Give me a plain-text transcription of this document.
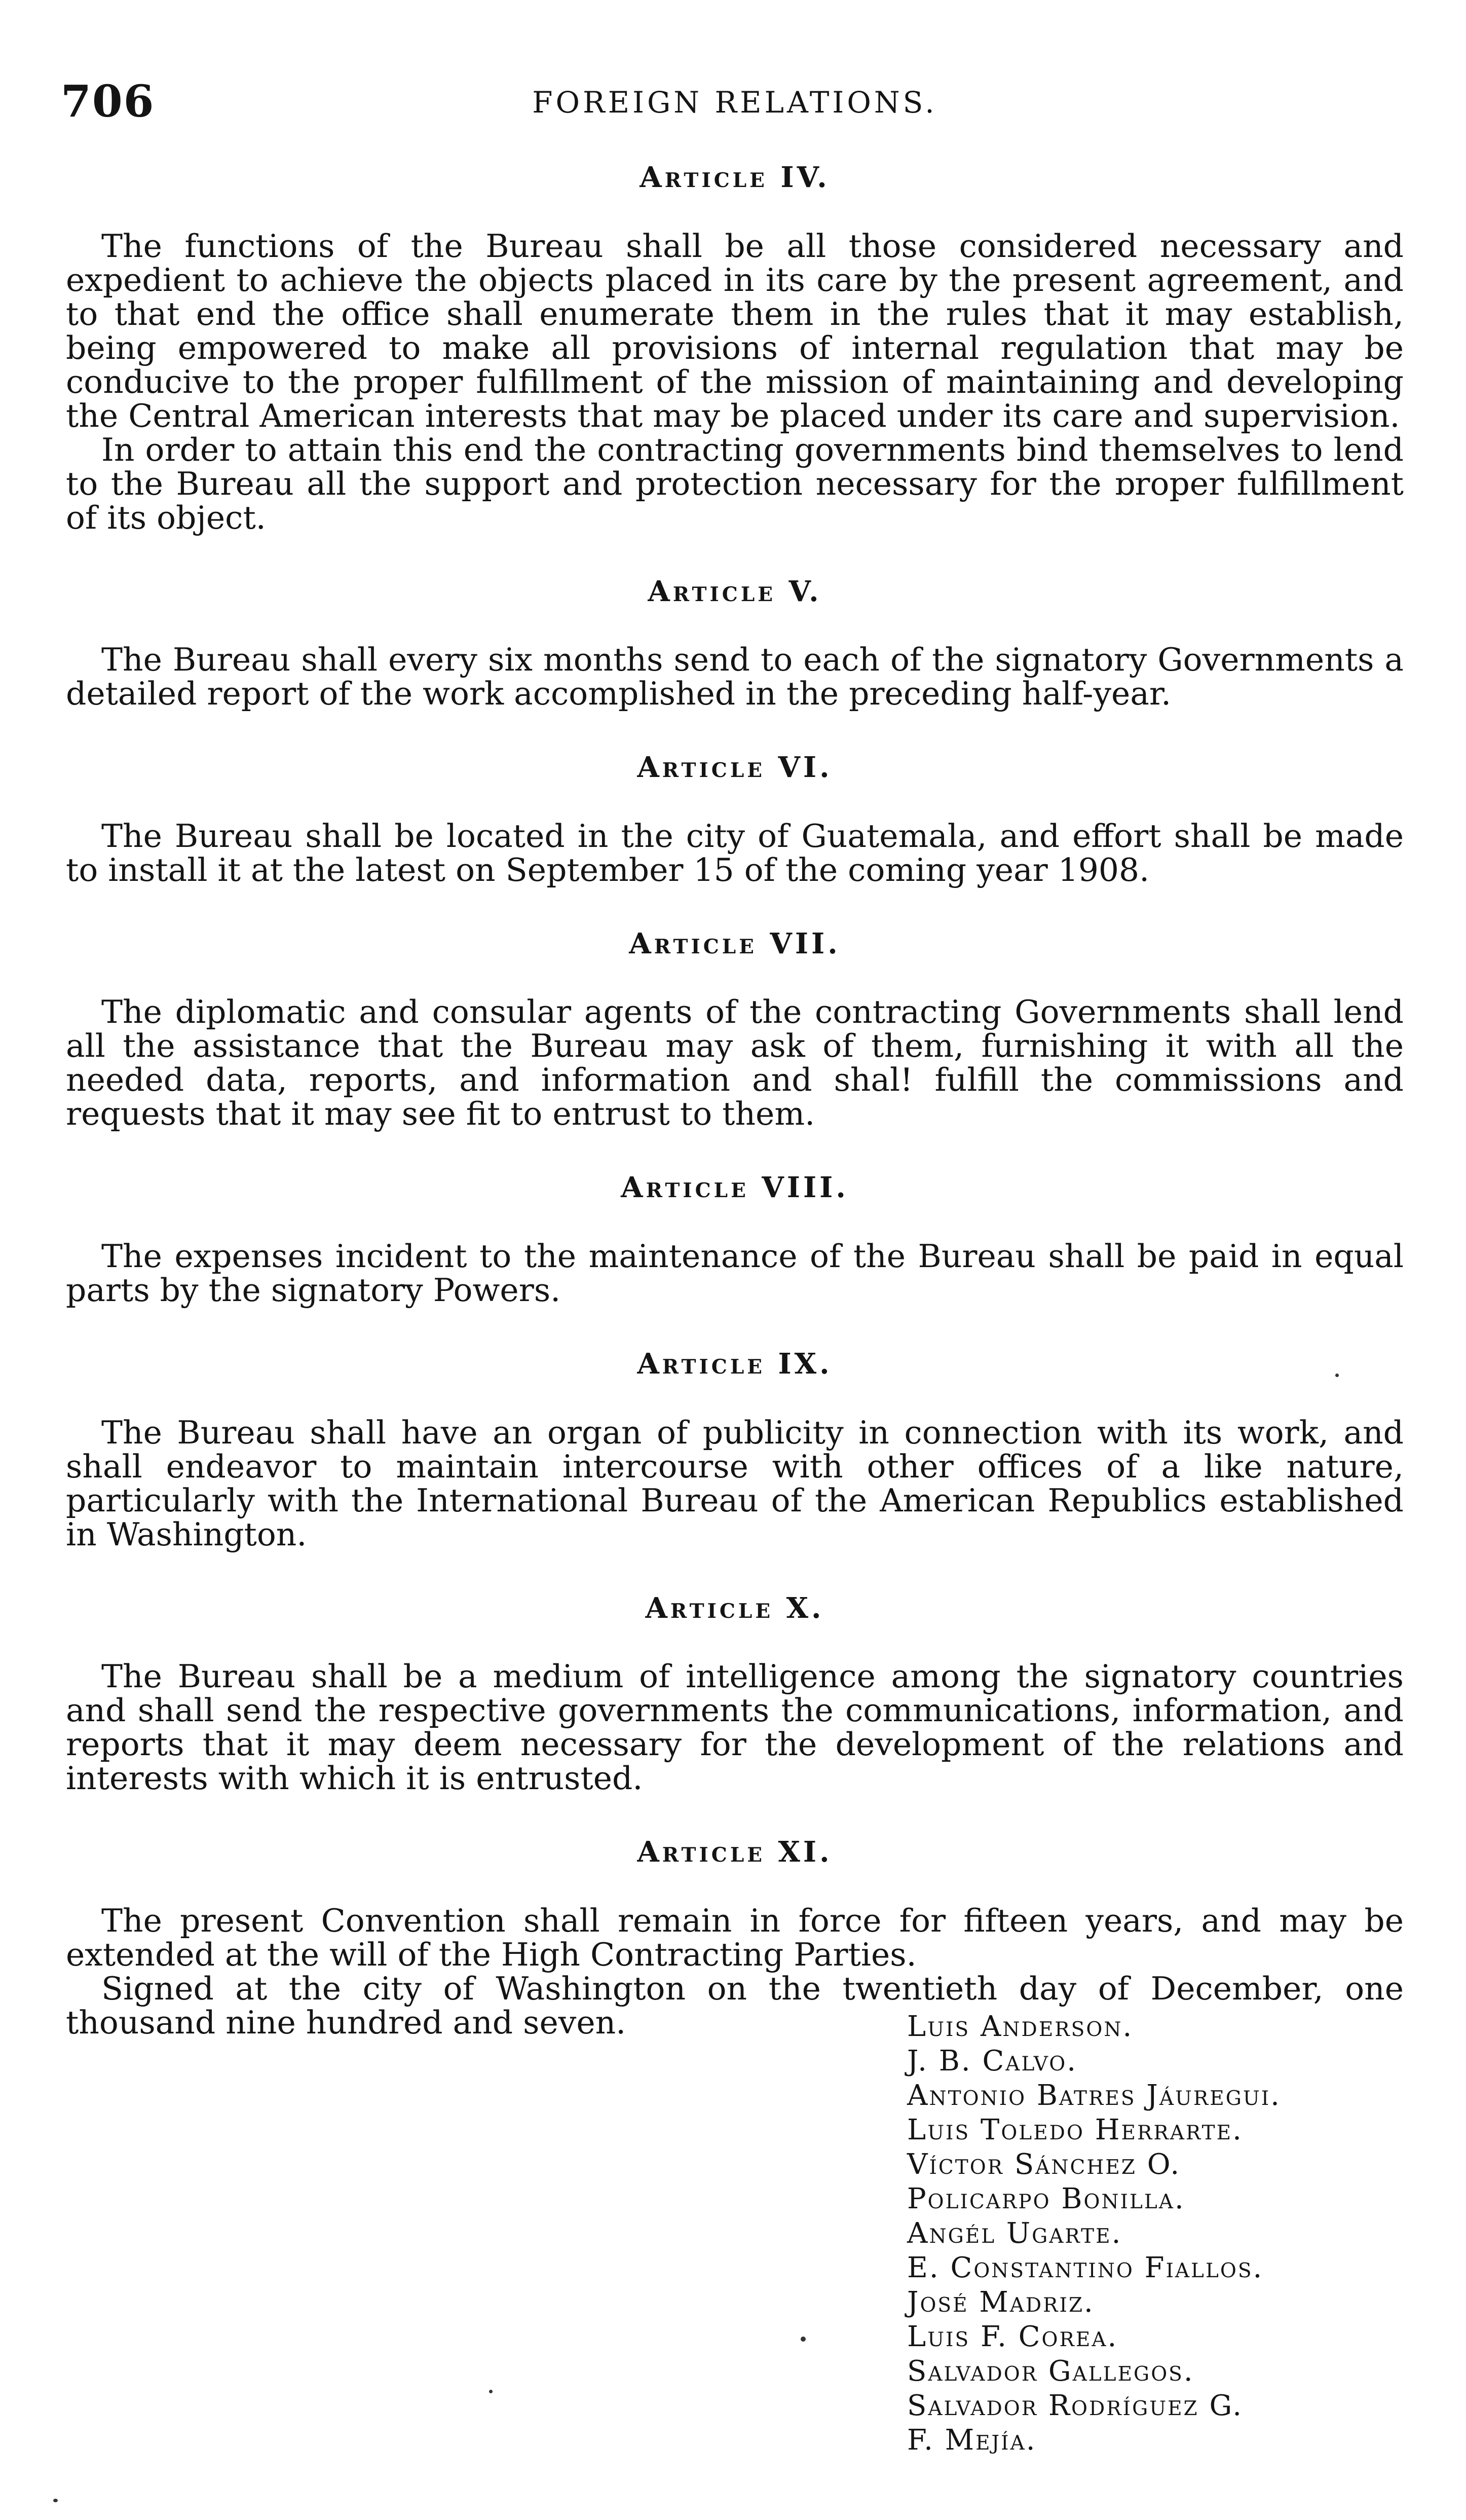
706	FOREIGN RELATIONS.
Article IV.

The functions of the Bureau shall be all those considered necessary and expedient to achieve the objects placed in its care by the present agreement, and to that end the office shall enumerate them in the rules that it may establish, being empowered to make all provisions of internal regulation that may be conducive to the proper fulfillment of the mission of maintaining and developing the Central American interests that may be placed under its care and supervision.

In order to attain this end the contracting governments bind themselves to lend to the Bureau all the support and protection necessary for the ɒroper fulfillment of its object.

Article V.

The Bureau shall every six months send to each of the signatory Governments a detailed report of the work accomplished in the preceding half-year.

Article VI.

The Bureau shall be located in the city of Guatemala, and effort shall be made to install it at the latest on September 15 of the coming year 1908.

Article VII.

The diplomatic and consular agents of the contracting Governments shall lend all the assistance that the Bureau may ask of them, furnishing it with all the needed data, reports, and information and shal! fulfill the commissions and requests that it may see fit to entrust to them.

Article VIII.

The expenses incident to the maintenance of the Bureau shall be paid in equal parts by the signatory Powers.

Article IX.

The Bureau shall have an organ of publicity in connection with its work, and shall endeavor to maintain intercourse with other offices of a like nature, particularly with the International Bureau of the American Republics established in Washington.

Article X.

The Bureau shall be a medium of intelligence among the signatory countries and shall send the respective governments the communications, information, and reports that it may deem necessary for the development of the relations and interests with which it is entrusted.

Article XI.

The present Convention shall remain in force for fifteen years, and may be extended at the will of the High Contracting Parties.

Signed at the city of Washington on the twentieth day of December, one thousand nine hundred and seven.	Luis Anderson.
J. B. Calvo.
Antonio Batres Jáuregui.
Luis Toledo Herrarte.
Víctor Sánchez O.
Policarpo Bonilla.
Angél Ugarte.
E. Constantino Fiallos.
José Madriz.
Luis F. Corea.
Salvador Gallegos.
Salvador Rodríguez G.
F. Mejía.
